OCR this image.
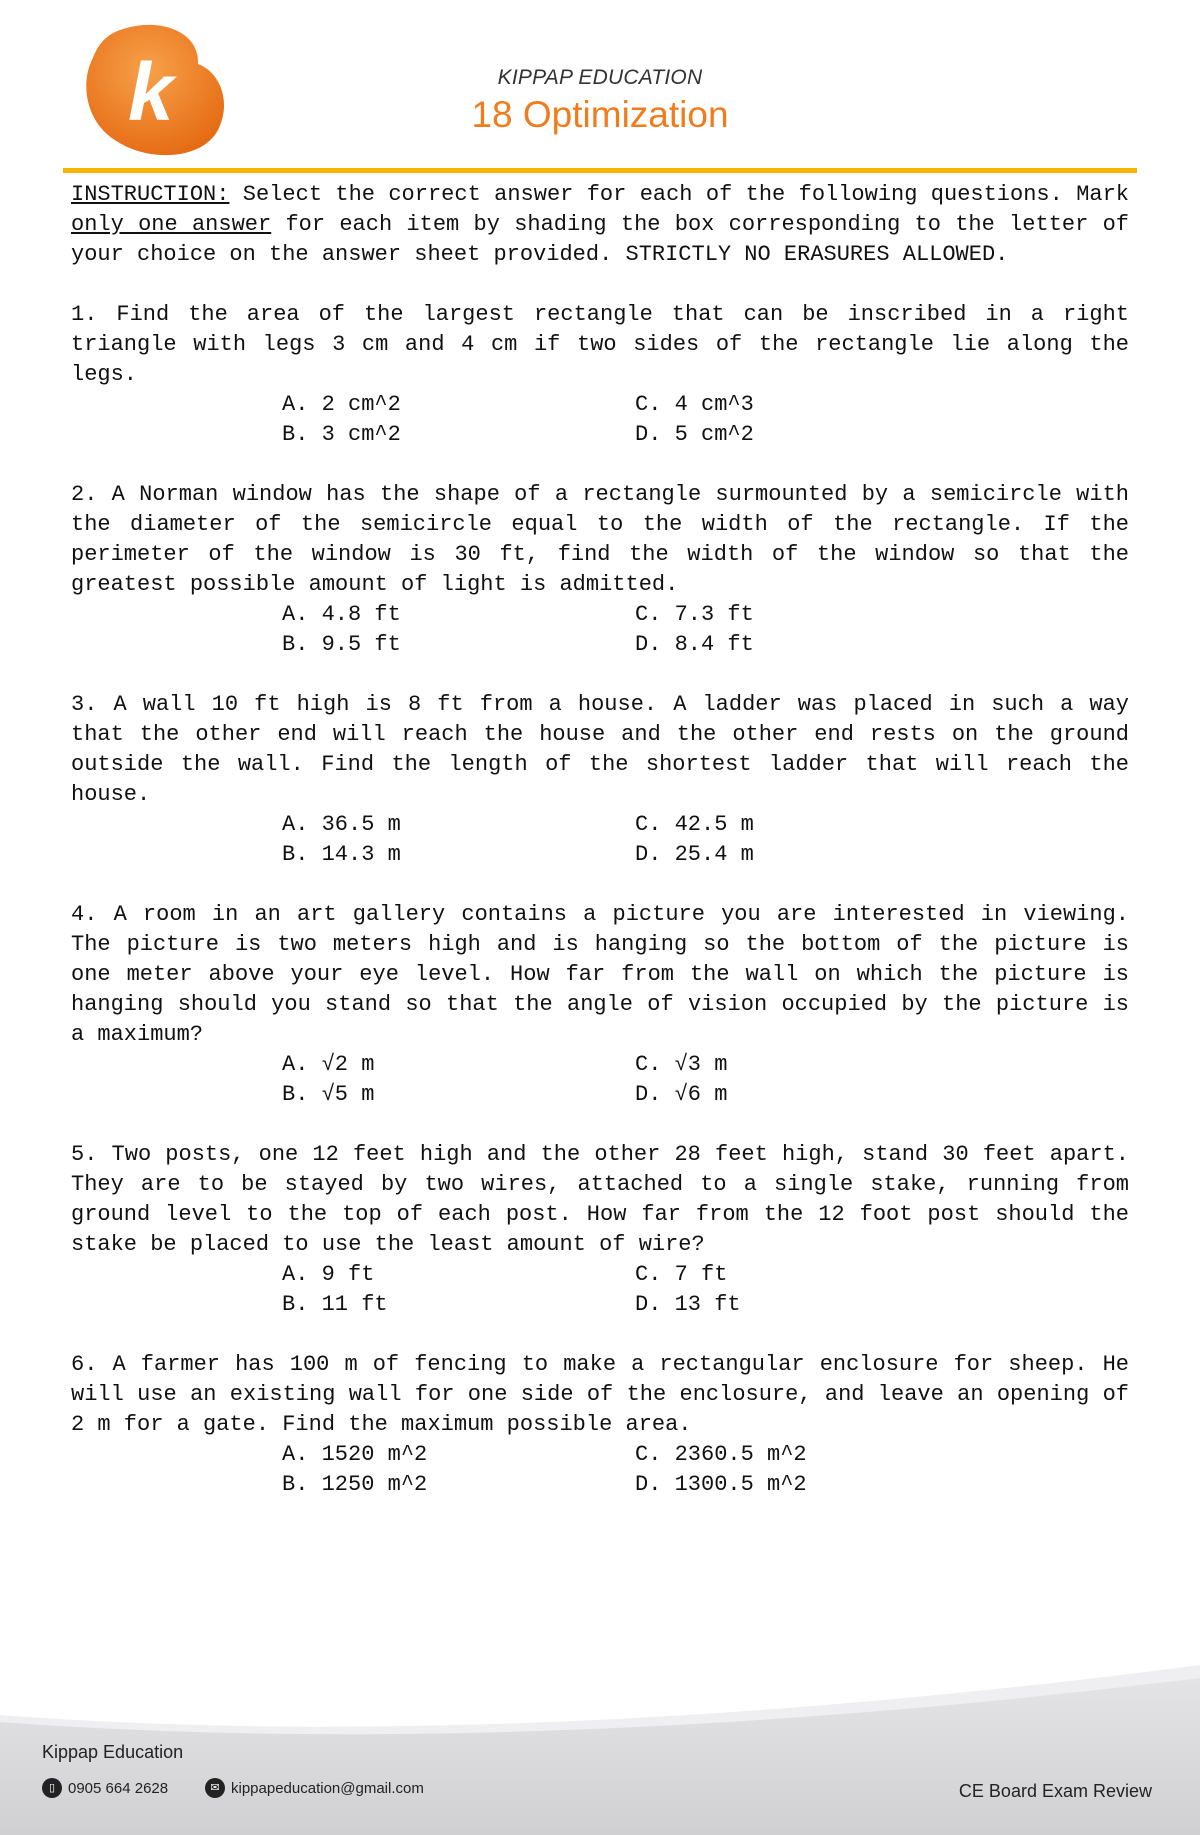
k	KIPPAP EDUCATION
18 Optimization

INSTRUCTION: Select the correct answer for each of the following questions. Mark only one answer for each item by shading the box corresponding to the letter of your choice on the answer sheet provided. STRICTLY NO ERASURES ALLOWED.

1. Find the area of the largest rectangle that can be inscribed in a right triangle with legs 3 cm and 4 cm if two sides of the rectangle lie along the legs.

A. 2 cm^2	C. 4 cm^3
B. 3 cm^2	D. 5 cm^2

2. A Norman window has the shape of a rectangle surmounted by a semicircle with the diameter of the semicircle equal to the width of the rectangle. If the perimeter of the window is 30 ft, find the width of the window so that the greatest possible amount of light is admitted.

A. 4.8 ft	C. 7.3 ft
B. 9.5 ft	D. 8.4 ft

3. A wall 10 ft high is 8 ft from a house. A ladder was placed in such a way that the other end will reach the house and the other end rests on the ground outside the wall. Find the length of the shortest ladder that will reach the house.

A. 36.5 m	C. 42.5 m
B. 14.3 m	D. 25.4 m

4. A room in an art gallery contains a picture you are interested in viewing. The picture is two meters high and is hanging so the bottom of the picture is one meter above your eye level. How far from the wall on which the picture is hanging should you stand so that the angle of vision occupied by the picture is a maximum?

A. √2 m	C. √3 m
B. √5 m	D. √6 m

5. Two posts, one 12 feet high and the other 28 feet high, stand 30 feet apart. They are to be stayed by two wires, attached to a single stake, running from ground level to the top of each post. How far from the 12 foot post should the stake be placed to use the least amount of wire?

A. 9 ft	C. 7 ft
B. 11 ft	D. 13 ft

6. A farmer has 100 m of fencing to make a rectangular enclosure for sheep. He will use an existing wall for one side of the enclosure, and leave an opening of 2 m for a gate. Find the maximum possible area.

A. 1520 m^2	C. 2360.5 m^2
B. 1250 m^2	D. 1300.5 m^2
Kippap Education
▯ 0905 664 2628	✉ kippapeducation@gmail.com	CE Board Exam Review
